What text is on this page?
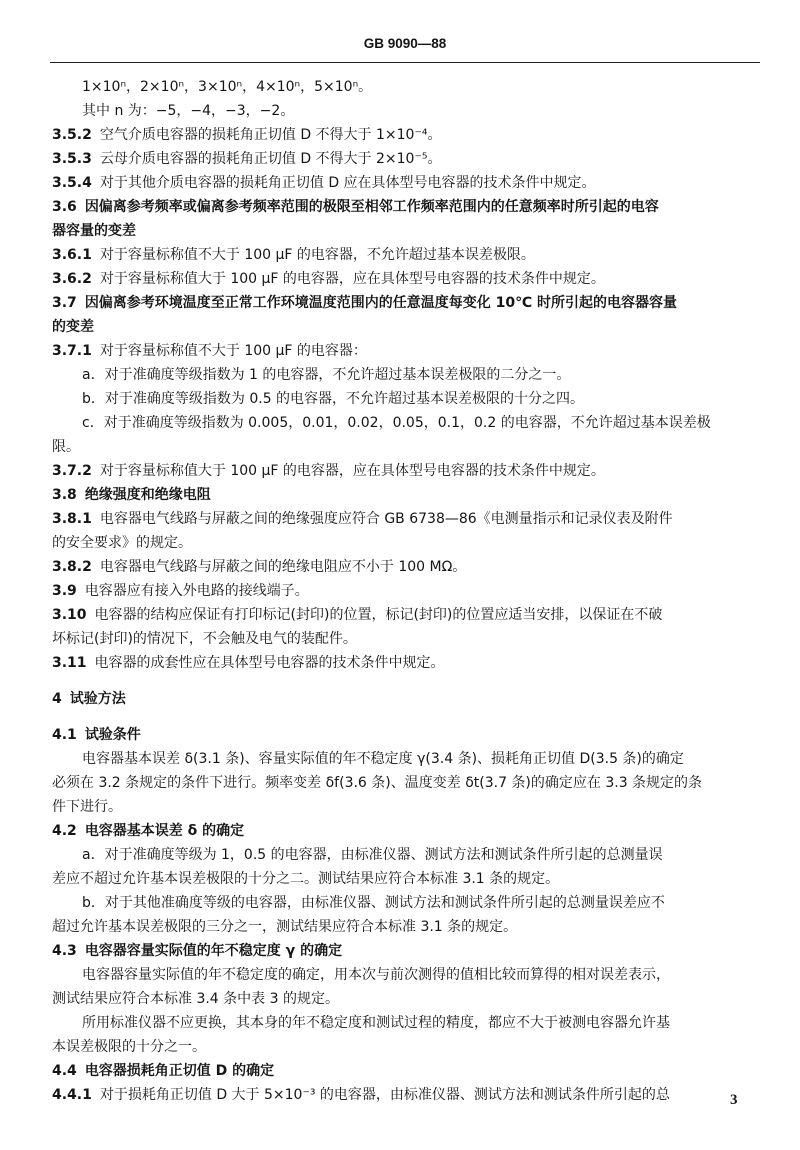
GB 9090—88
1×10ⁿ，2×10ⁿ，3×10ⁿ，4×10ⁿ，5×10ⁿ。
其中 n 为：−5，−4，−3，−2。
3.5.2 空气介质电容器的损耗角正切值 D 不得大于 1×10⁻⁴。
3.5.3 云母介质电容器的损耗角正切值 D 不得大于 2×10⁻⁵。
3.5.4 对于其他介质电容器的损耗角正切值 D 应在具体型号电容器的技术条件中规定。
3.6 因偏离参考频率或偏离参考频率范围的极限至相邻工作频率范围内的任意频率时所引起的电容
器容量的变差
3.6.1 对于容量标称值不大于 100 μF 的电容器，不允许超过基本误差极限。
3.6.2 对于容量标称值大于 100 μF 的电容器，应在具体型号电容器的技术条件中规定。
3.7 因偏离参考环境温度至正常工作环境温度范围内的任意温度每变化 10℃ 时所引起的电容器容量
的变差
3.7.1 对于容量标称值不大于 100 μF 的电容器：
a．对于准确度等级指数为 1 的电容器，不允许超过基本误差极限的二分之一。
b．对于准确度等级指数为 0.5 的电容器，不允许超过基本误差极限的十分之四。
c．对于准确度等级指数为 0.005，0.01，0.02，0.05，0.1，0.2 的电容器，不允许超过基本误差极
限。
3.7.2 对于容量标称值大于 100 μF 的电容器，应在具体型号电容器的技术条件中规定。
3.8 绝缘强度和绝缘电阻
3.8.1 电容器电气线路与屏蔽之间的绝缘强度应符合 GB 6738—86《电测量指示和记录仪表及附件
的安全要求》的规定。
3.8.2 电容器电气线路与屏蔽之间的绝缘电阻应不小于 100 MΩ。
3.9 电容器应有接入外电路的接线端子。
3.10 电容器的结构应保证有打印标记(封印)的位置，标记(封印)的位置应适当安排，以保证在不破
坏标记(封印)的情况下，不会触及电气的装配件。
3.11 电容器的成套性应在具体型号电容器的技术条件中规定。
4 试验方法
4.1 试验条件
电容器基本误差 δ(3.1 条)、容量实际值的年不稳定度 γ(3.4 条)、损耗角正切值 D(3.5 条)的确定
必须在 3.2 条规定的条件下进行。频率变差 δf(3.6 条)、温度变差 δt(3.7 条)的确定应在 3.3 条规定的条
件下进行。
4.2 电容器基本误差 δ 的确定
a．对于准确度等级为 1，0.5 的电容器，由标准仪器、测试方法和测试条件所引起的总测量误
差应不超过允许基本误差极限的十分之二。测试结果应符合本标准 3.1 条的规定。
b．对于其他准确度等级的电容器，由标准仪器、测试方法和测试条件所引起的总测量误差应不
超过允许基本误差极限的三分之一，测试结果应符合本标准 3.1 条的规定。
4.3 电容器容量实际值的年不稳定度 γ 的确定
电容器容量实际值的年不稳定度的确定，用本次与前次测得的值相比较而算得的相对误差表示，
测试结果应符合本标准 3.4 条中表 3 的规定。
所用标准仪器不应更换，其本身的年不稳定度和测试过程的精度，都应不大于被测电容器允许基
本误差极限的十分之一。
4.4 电容器损耗角正切值 D 的确定
4.4.1 对于损耗角正切值 D 大于 5×10⁻³ 的电容器，由标准仪器、测试方法和测试条件所引起的总	3
